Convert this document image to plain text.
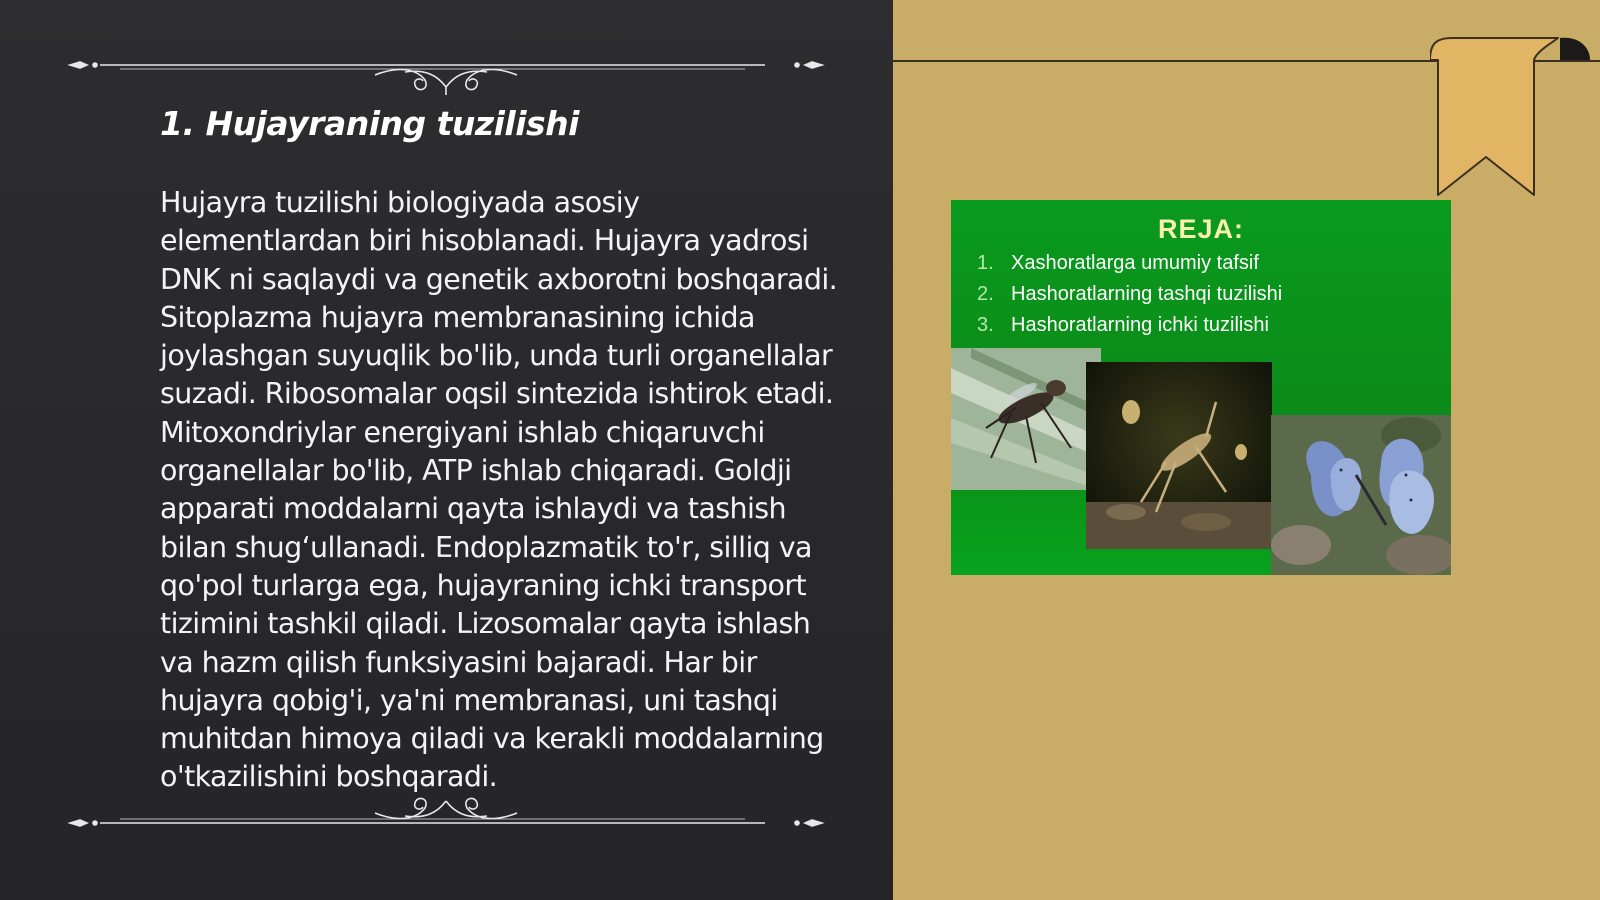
1. Hujayraning tuzilishi

Hujayra tuzilishi biologiyada asosiy elementlardan biri hisoblanadi. Hujayra yadrosi DNK ni saqlaydi va genetik axborotni boshqaradi. Sitoplazma hujayra membranasining ichida joylashgan suyuqlik bo'lib, unda turli organellalar suzadi. Ribosomalar oqsil sintezida ishtirok etadi. Mitoxondriylar energiyani ishlab chiqaruvchi organellalar bo'lib, ATP ishlab chiqaradi. Goldji apparati moddalarni qayta ishlaydi va tashish bilan shug‘ullanadi. Endoplazmatik to'r, silliq va qo'pol turlarga ega, hujayraning ichki transport tizimini tashkil qiladi. Lizosomalar qayta ishlash va hazm qilish funksiyasini bajaradi. Har bir hujayra qobig'i, ya'ni membranasi, uni tashqi muhitdan himoya qiladi va kerakli moddalarning o'tkazilishini boshqaradi.

REJA:
1. Xashoratlarga umumiy tafsif
2. Hashoratlarning tashqi tuzilishi
3. Hashoratlarning ichki tuzilishi
